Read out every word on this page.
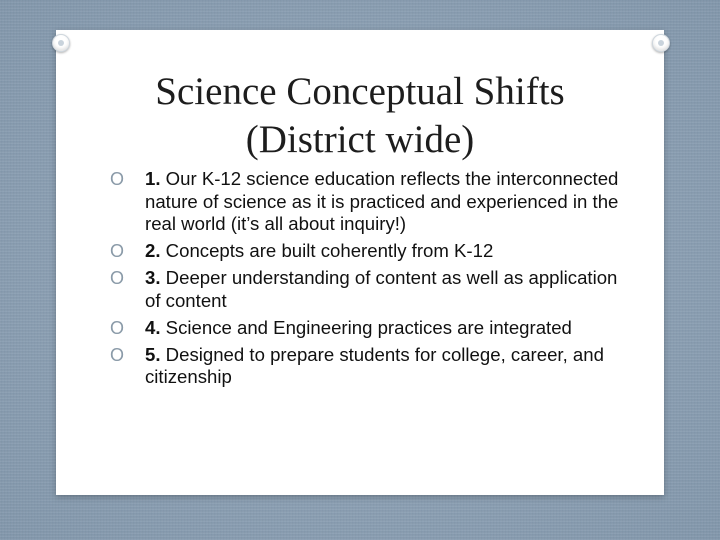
Science Conceptual Shifts
(District wide)
O 1. Our K-12 science education reflects the interconnected nature of science as it is practiced and experienced in the real world (it’s all about inquiry!)
O 2. Concepts are built coherently from K-12
O 3. Deeper understanding of content as well as application of content
O 4. Science and Engineering practices are integrated
O 5. Designed to prepare students for college, career, and citizenship
